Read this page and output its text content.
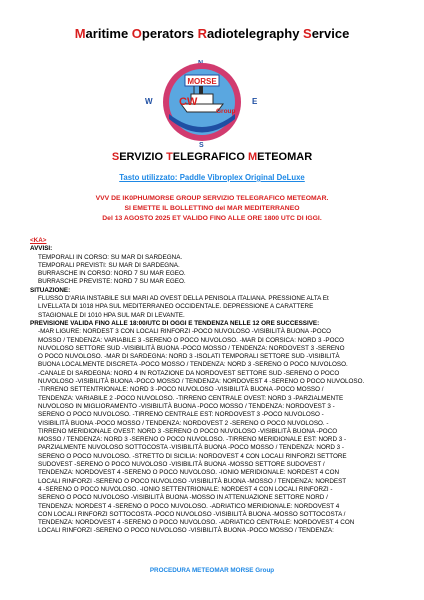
Maritime Operators Radiotelegraphy Service
W	E
S
MORSE
CW
Group
SERVIZIO TELEGRAFICO METEOMAR
Tasto utilizzato: Paddle Vibroplex Original DeLuxe
VVV DE IK0PHU/MORSE GROUP SERVIZIO TELEGRAFICO METEOMAR.
SI EMETTE IL BOLLETTINO del MAR MEDITERRANEO
Del 13 AGOSTO 2025 ET VALIDO FINO ALLE ORE 1800 UTC DI IGGI.
<KA>
AVVISI:
TEMPORALI IN CORSO: SU MAR DI SARDEGNA.
TEMPORALI PREVISTI: SU MAR DI SARDEGNA.
BURRASCHE IN CORSO: NORD 7 SU MAR EGEO.
BURRASCHE PREVISTE: NORD 7 SU MAR EGEO.
SITUAZIONE:
FLUSSO D'ARIA INSTABILE SUI MARI AD OVEST DELLA PENISOLA ITALIANA. PRESSIONE ALTA Et
LIVELLATA DI 1018 HPA SUL MEDITERRANEO OCCIDENTALE. DEPRESSIONE A CARATTERE
STAGIONALE DI 1010 HPA SUL MAR DI LEVANTE.
PREVISIONE VALIDA FINO ALLE 18:00/UTC DI OGGI E TENDENZA NELLE 12 ORE SUCCESSIVE:
-MAR LIGURE: NORDEST 3 CON LOCALI RINFORZI -POCO NUVOLOSO -VISIBILITÀ BUONA -POCO
MOSSO / TENDENZA: VARIABILE 3 -SERENO O POCO NUVOLOSO. -MAR DI CORSICA: NORD 3 -POCO
NUVOLOSO SETTORE SUD -VISIBILITÀ BUONA -POCO MOSSO / TENDENZA: NORDOVEST 3 -SERENO
O POCO NUVOLOSO. -MAR DI SARDEGNA: NORD 3 -ISOLATI TEMPORALI SETTORE SUD -VISIBILITÀ
BUONA LOCALMENTE DISCRETA -POCO MOSSO / TENDENZA: NORD 3 -SERENO O POCO NUVOLOSO.
-CANALE DI SARDEGNA: NORD 4 IN ROTAZIONE DA NORDOVEST SETTORE SUD -SERENO O POCO
NUVOLOSO -VISIBILITÀ BUONA -POCO MOSSO / TENDENZA: NORDOVEST 4 -SERENO O POCO NUVOLOSO.
-TIRRENO SETTENTRIONALE: NORD 3 -POCO NUVOLOSO -VISIBILITÀ BUONA -POCO MOSSO /
TENDENZA: VARIABILE 2 -POCO NUVOLOSO. -TIRRENO CENTRALE OVEST: NORD 3 -PARZIALMENTE
NUVOLOSO IN MIGLIORAMENTO -VISIBILITÀ BUONA -POCO MOSSO / TENDENZA: NORDOVEST 3 -
SERENO O POCO NUVOLOSO. -TIRRENO CENTRALE EST: NORDOVEST 3 -POCO NUVOLOSO -
VISIBILITÀ BUONA -POCO MOSSO / TENDENZA: NORDOVEST 2 -SERENO O POCO NUVOLOSO. -
TIRRENO MERIDIONALE OVEST: NORD 3 -SERENO O POCO NUVOLOSO -VISIBILITÀ BUONA -POCO
MOSSO / TENDENZA: NORD 3 -SERENO O POCO NUVOLOSO. -TIRRENO MERIDIONALE EST: NORD 3 -
PARZIALMENTE NUVOLOSO SOTTOCOSTA -VISIBILITÀ BUONA -POCO MOSSO / TENDENZA: NORD 3 -
SERENO O POCO NUVOLOSO. -STRETTO DI SICILIA: NORDOVEST 4 CON LOCALI RINFORZI SETTORE
SUDOVEST -SERENO O POCO NUVOLOSO -VISIBILITÀ BUONA -MOSSO SETTORE SUDOVEST /
TENDENZA: NORDOVEST 4 -SERENO O POCO NUVOLOSO. -IONIO MERIDIONALE: NORDEST 4 CON
LOCALI RINFORZI -SERENO O POCO NUVOLOSO -VISIBILITÀ BUONA -MOSSO / TENDENZA: NORDEST
4 -SERENO O POCO NUVOLOSO. -IONIO SETTENTRIONALE: NORDEST 4 CON LOCALI RINFORZI -
SERENO O POCO NUVOLOSO -VISIBILITÀ BUONA -MOSSO IN ATTENUAZIONE SETTORE NORD /
TENDENZA: NORDEST 4 -SERENO O POCO NUVOLOSO. -ADRIATICO MERIDIONALE: NORDOVEST 4
CON LOCALI RINFORZI SOTTOCOSTA -POCO NUVOLOSO -VISIBILITÀ BUONA -MOSSO SOTTOCOSTA /
TENDENZA: NORDOVEST 4 -SERENO O POCO NUVOLOSO. -ADRIATICO CENTRALE: NORDOVEST 4 CON
LOCALI RINFORZI -SERENO O POCO NUVOLOSO -VISIBILITÀ BUONA -POCO MOSSO / TENDENZA:
PROCEDURA METEOMAR MORSE Group
